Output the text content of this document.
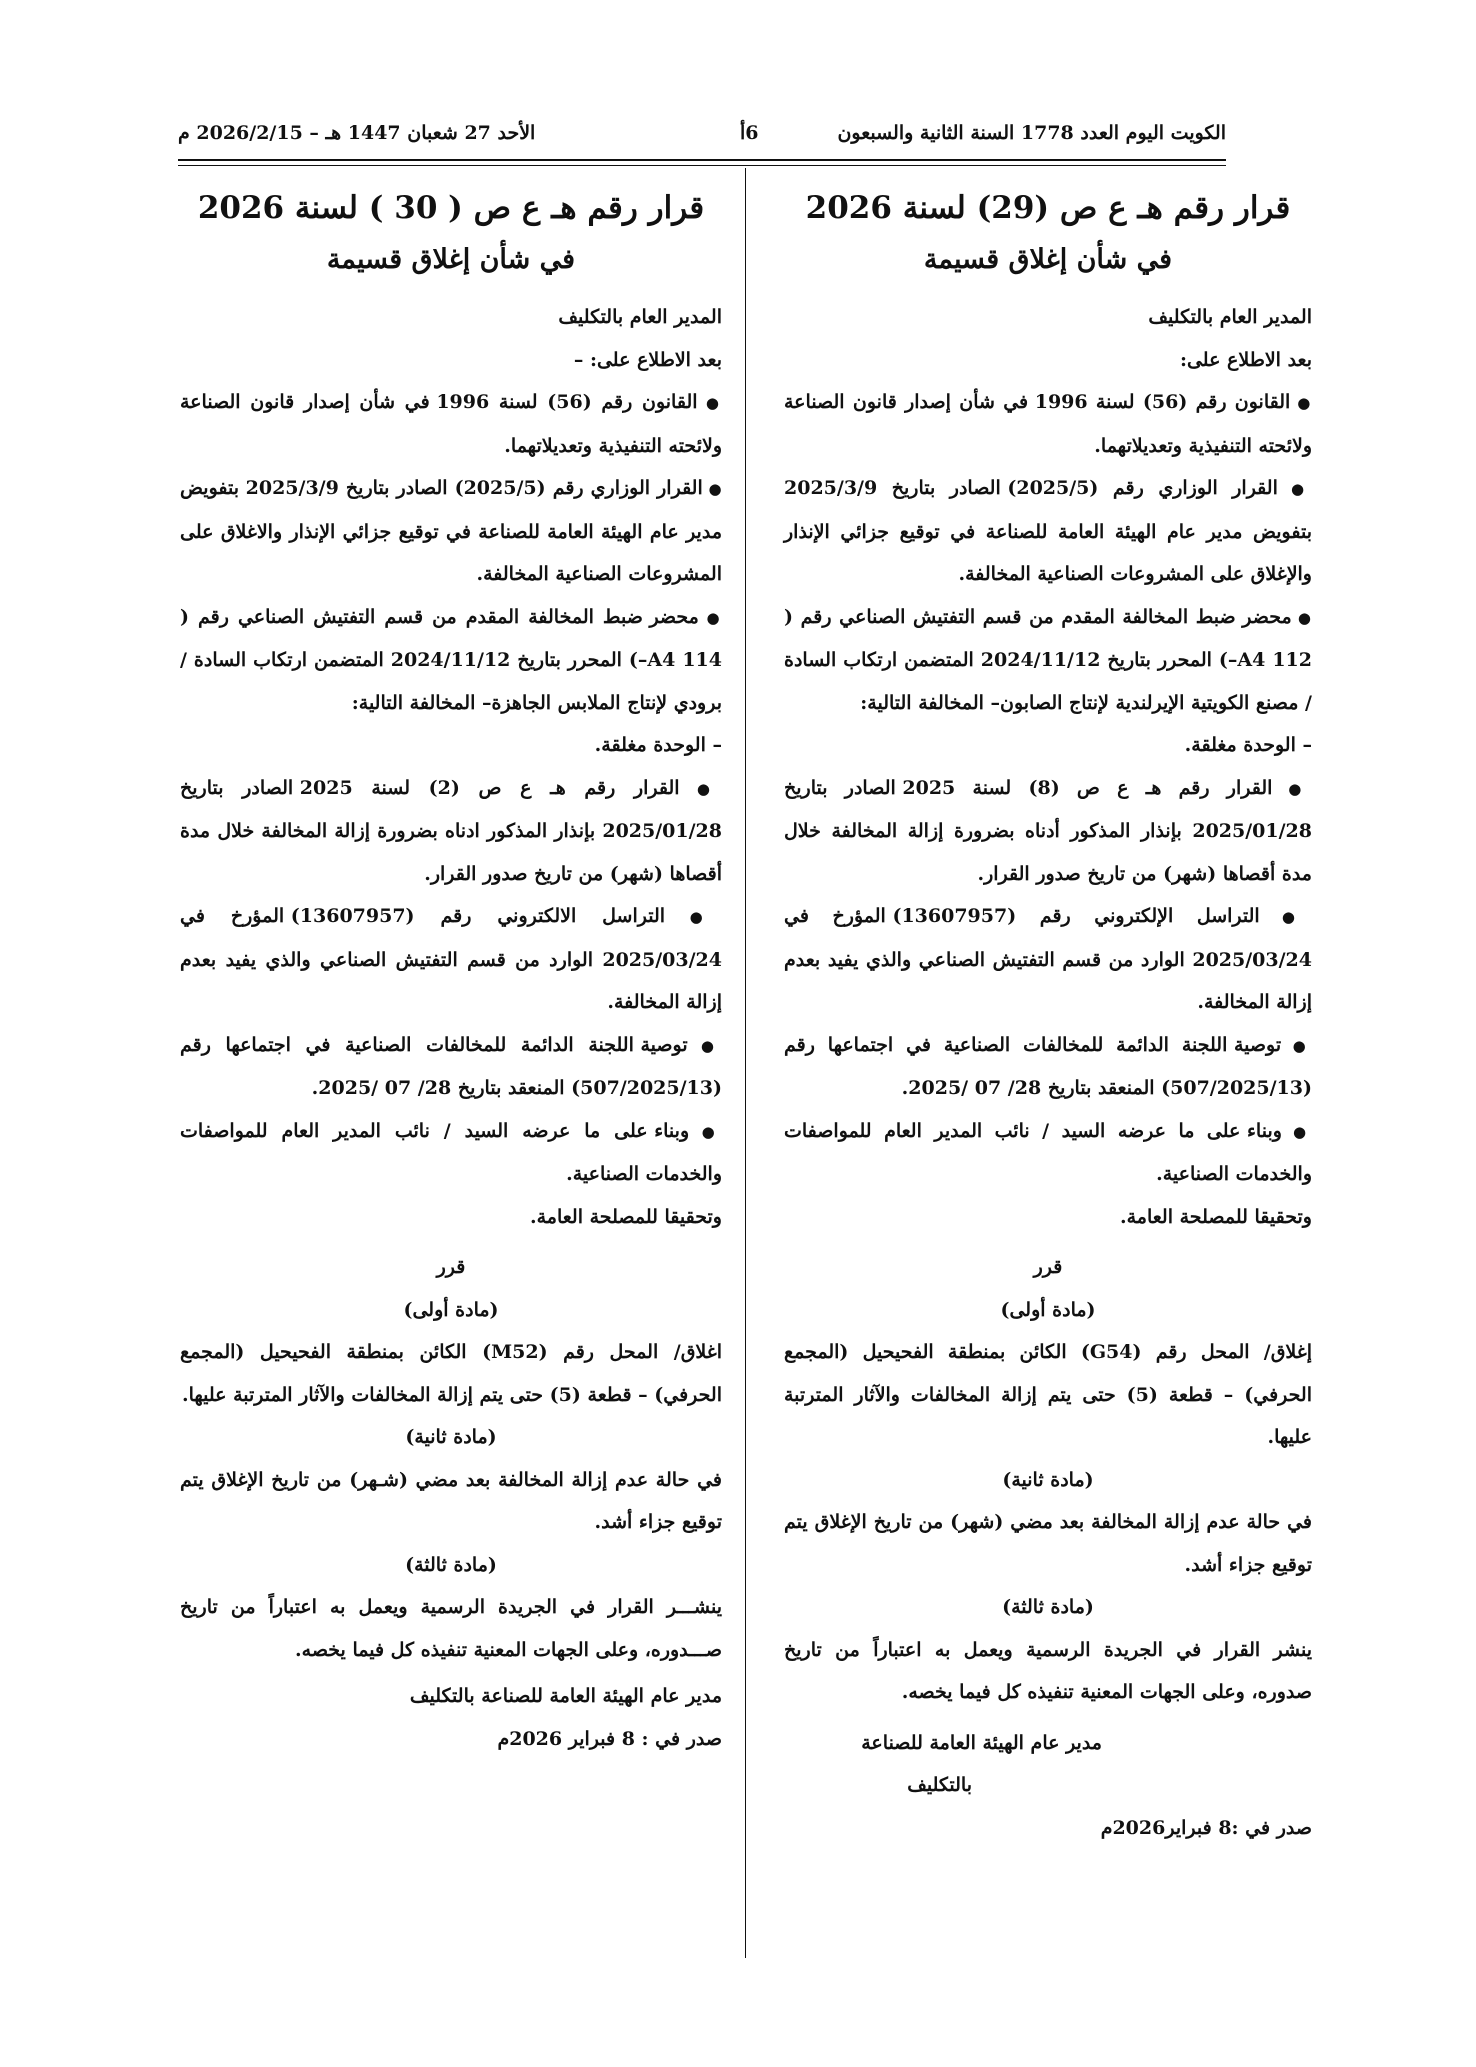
الكويت اليوم العدد 1778 السنة الثانية والسبعون
6أ
الأحد 27 شعبان 1447 هـ – 2026/2/15 م
قرار رقم هـ ع ص (29) لسنة 2026
في شأن إغلاق قسيمة
المدير العام بالتكليف
بعد الاطلاع على:
● القانون رقم (56) لسنة 1996 في شأن إصدار قانون الصناعة ولائحته التنفيذية وتعديلاتهما.
● القرار الوزاري رقم (2025/5) الصادر بتاريخ 2025/3/9 بتفويض مدير عام الهيئة العامة للصناعة في توقيع جزائي الإنذار والإغلاق على المشروعات الصناعية المخالفة.
● محضر ضبط المخالفة المقدم من قسم التفتيش الصناعي رقم ( A4 112–) المحرر بتاريخ 2024/11/12 المتضمن ارتكاب السادة / مصنع الكويتية الإيرلندية لإنتاج الصابون– المخالفة التالية:
– الوحدة مغلقة.
● القرار رقم هـ ع ص (8) لسنة 2025 الصادر بتاريخ 2025/01/28 بإنذار المذكور أدناه بضرورة إزالة المخالفة خلال مدة أقصاها (شهر) من تاريخ صدور القرار.
● التراسل الإلكتروني رقم (13607957) المؤرخ في 2025/03/24 الوارد من قسم التفتيش الصناعي والذي يفيد بعدم إزالة المخالفة.
● توصية اللجنة الدائمة للمخالفات الصناعية في اجتماعها رقم (507/2025/13) المنعقد بتاريخ 28/ 07 /2025.
● وبناء على ما عرضه السيد / نائب المدير العام للمواصفات والخدمات الصناعية.
وتحقيقا للمصلحة العامة.
قرر
(مادة أولى)
إغلاق/ المحل رقم (G54) الكائن بمنطقة الفحيحيل (المجمع الحرفي) – قطعة (5) حتى يتم إزالة المخالفات والآثار المترتبة عليها.
(مادة ثانية)
في حالة عدم إزالة المخالفة بعد مضي (شهر) من تاريخ الإغلاق يتم توقيع جزاء أشد.
(مادة ثالثة)
ينشر القرار في الجريدة الرسمية ويعمل به اعتباراً من تاريخ صدوره، وعلى الجهات المعنية تنفيذه كل فيما يخصه.
مدير عام الهيئة العامة للصناعة
بالتكليف
صدر في :8 فبراير2026م
قرار رقم هـ ع ص ( 30 ) لسنة 2026
في شأن إغلاق قسيمة
المدير العام بالتكليف
بعد الاطلاع على: –
● القانون رقم (56) لسنة 1996 في شأن إصدار قانون الصناعة ولائحته التنفيذية وتعديلاتهما.
● القرار الوزاري رقم (2025/5) الصادر بتاريخ 2025/3/9 بتفويض مدير عام الهيئة العامة للصناعة في توقيع جزائي الإنذار والاغلاق على المشروعات الصناعية المخالفة.
● محضر ضبط المخالفة المقدم من قسم التفتيش الصناعي رقم ( A4 114–) المحرر بتاريخ 2024/11/12 المتضمن ارتكاب السادة / برودي لإنتاج الملابس الجاهزة– المخالفة التالية:
– الوحدة مغلقة.
● القرار رقم هـ ع ص (2) لسنة 2025 الصادر بتاريخ 2025/01/28 بإنذار المذكور ادناه بضرورة إزالة المخالفة خلال مدة أقصاها (شهر) من تاريخ صدور القرار.
● التراسل الالكتروني رقم (13607957) المؤرخ في 2025/03/24 الوارد من قسم التفتيش الصناعي والذي يفيد بعدم إزالة المخالفة.
● توصية اللجنة الدائمة للمخالفات الصناعية في اجتماعها رقم (507/2025/13) المنعقد بتاريخ 28/ 07 /2025.
● وبناء على ما عرضه السيد / نائب المدير العام للمواصفات والخدمات الصناعية.
وتحقيقا للمصلحة العامة.
قرر
(مادة أولى)
اغلاق/ المحل رقم (M52) الكائن بمنطقة الفحيحيل (المجمع الحرفي) – قطعة (5) حتى يتم إزالة المخالفات والآثار المترتبة عليها.
(مادة ثانية)
في حالة عدم إزالة المخالفة بعد مضي (شـهر) من تاريخ الإغلاق يتم توقيع جزاء أشد.
(مادة ثالثة)
ينشـــر القرار في الجريدة الرسمية ويعمل به اعتباراً من تاريخ صـــدوره، وعلى الجهات المعنية تنفيذه كل فيما يخصه.
مدير عام الهيئة العامة للصناعة بالتكليف
صدر في : 8 فبراير 2026م
